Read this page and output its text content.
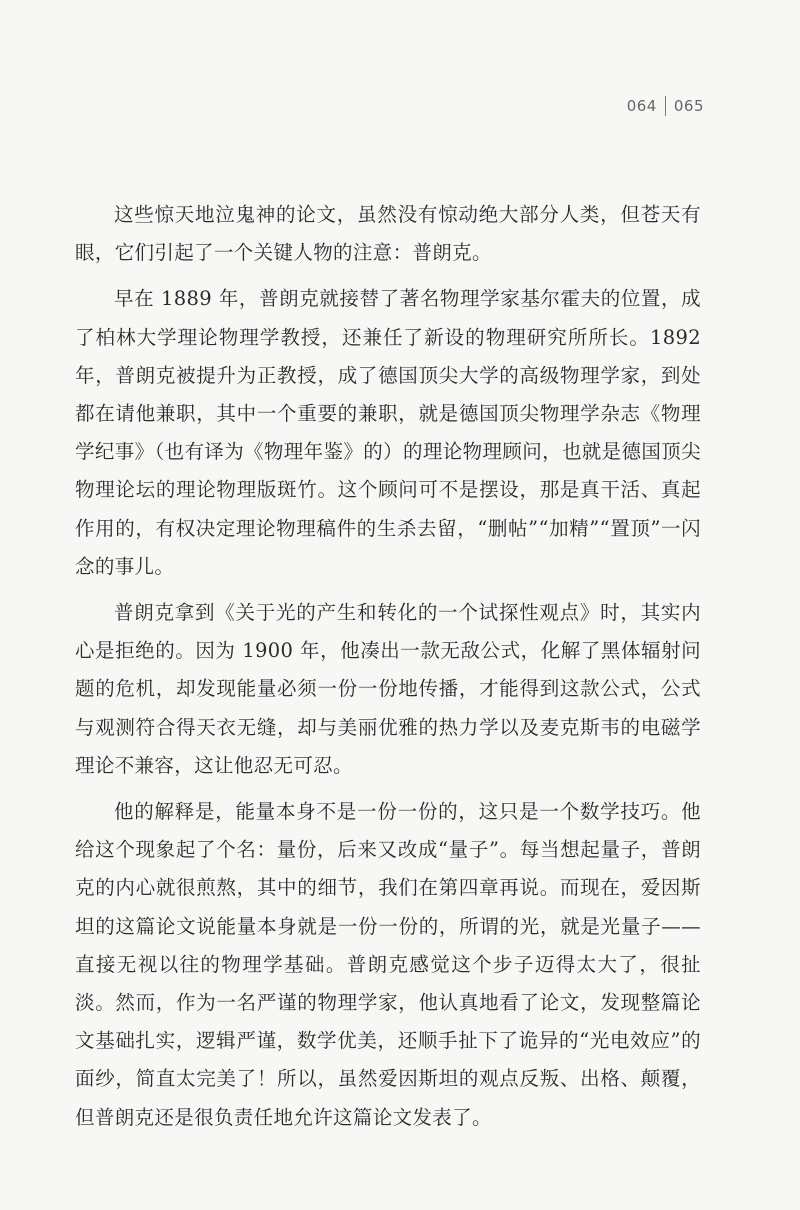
064 065

这些惊天地泣鬼神的论文，虽然没有惊动绝大部分人类，但苍天有眼，它们引起了一个关键人物的注意：普朗克。

早在 1889 年，普朗克就接替了著名物理学家基尔霍夫的位置，成了柏林大学理论物理学教授，还兼任了新设的物理研究所所长。1892 年，普朗克被提升为正教授，成了德国顶尖大学的高级物理学家，到处都在请他兼职，其中一个重要的兼职，就是德国顶尖物理学杂志《物理学纪事》（也有译为《物理年鉴》的）的理论物理顾问，也就是德国顶尖物理论坛的理论物理版斑竹。这个顾问可不是摆设，那是真干活、真起作用的，有权决定理论物理稿件的生杀去留，“删帖”“加精”“置顶”一闪念的事儿。

普朗克拿到《关于光的产生和转化的一个试探性观点》时，其实内心是拒绝的。因为 1900 年，他凑出一款无敌公式，化解了黑体辐射问题的危机，却发现能量必须一份一份地传播，才能得到这款公式，公式与观测符合得天衣无缝，却与美丽优雅的热力学以及麦克斯韦的电磁学理论不兼容，这让他忍无可忍。

他的解释是，能量本身不是一份一份的，这只是一个数学技巧。他给这个现象起了个名：量份，后来又改成“量子”。每当想起量子，普朗克的内心就很煎熬，其中的细节，我们在第四章再说。而现在，爱因斯坦的这篇论文说能量本身就是一份一份的，所谓的光，就是光量子——直接无视以往的物理学基础。普朗克感觉这个步子迈得太大了，很扯淡。然而，作为一名严谨的物理学家，他认真地看了论文，发现整篇论文基础扎实，逻辑严谨，数学优美，还顺手扯下了诡异的“光电效应”的面纱，简直太完美了！所以，虽然爱因斯坦的观点反叛、出格、颠覆，但普朗克还是很负责任地允许这篇论文发表了。
